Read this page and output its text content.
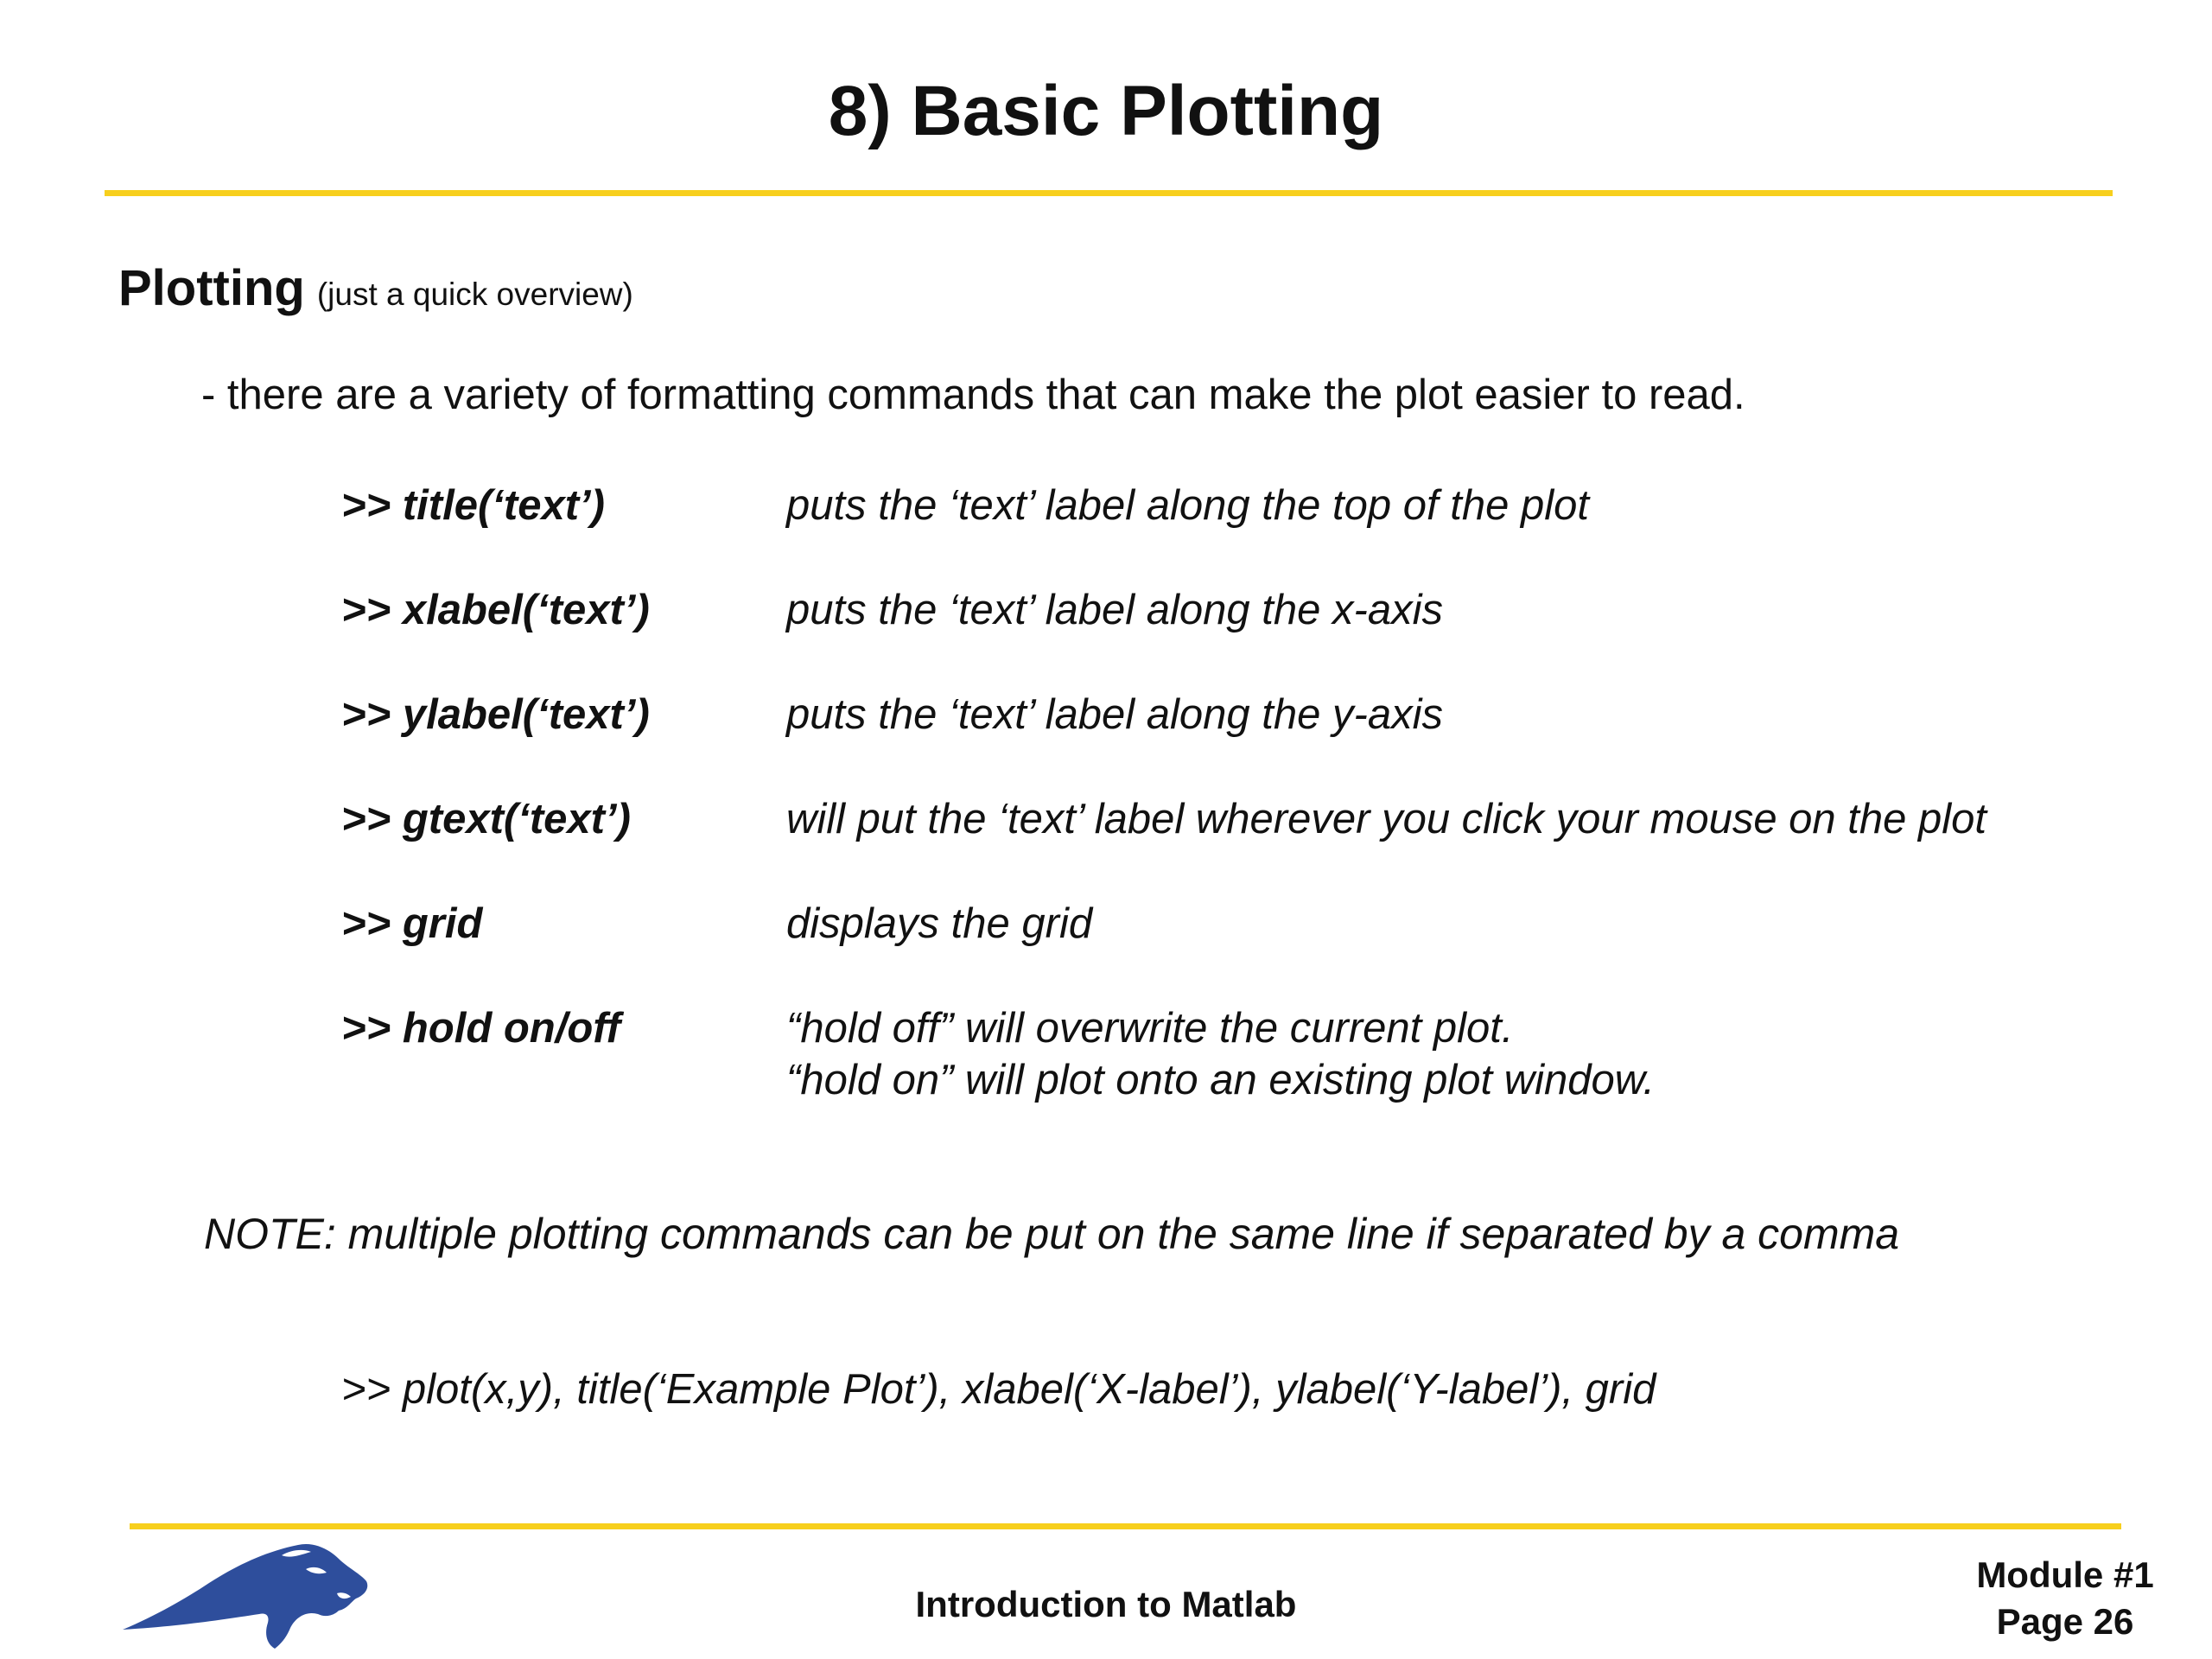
8) Basic Plotting
Plotting (just a quick overview)
- there are a variety of formatting commands that can make the plot easier to read.
>> title(‘text’)	puts the ‘text’ label along the top of the plot
>> xlabel(‘text’)	puts the ‘text’ label along the x-axis
>> ylabel(‘text’)	puts the ‘text’ label along the y-axis
>> gtext(‘text’)	will put the ‘text’ label wherever you click your mouse on the plot
>> grid	displays the grid
>> hold on/off	“hold off” will overwrite the current plot.
“hold on” will plot onto an existing plot window.
NOTE: multiple plotting commands can be put on the same line if separated by a comma
>> plot(x,y), title(‘Example Plot’), xlabel(‘X-label’), ylabel(‘Y-label’), grid
Introduction to Matlab
Module #1
Page 26
